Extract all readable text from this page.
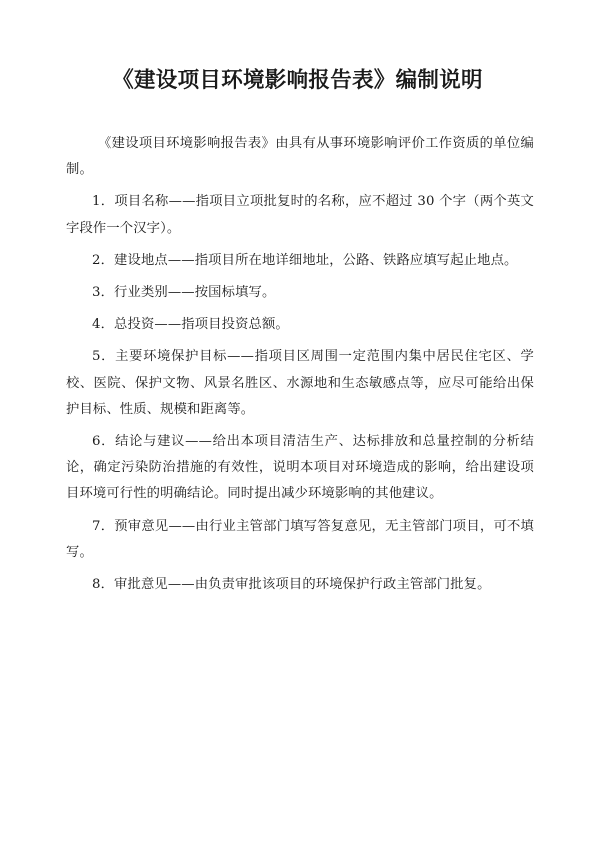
《建设项目环境影响报告表》编制说明

《建设项目环境影响报告表》由具有从事环境影响评价工作资质的单位编制。

1．项目名称——指项目立项批复时的名称，应不超过 30 个字（两个英文字段作一个汉字）。

2．建设地点——指项目所在地详细地址，公路、铁路应填写起止地点。

3．行业类别——按国标填写。

4．总投资——指项目投资总额。

5．主要环境保护目标——指项目区周围一定范围内集中居民住宅区、学校、医院、保护文物、风景名胜区、水源地和生态敏感点等，应尽可能给出保护目标、性质、规模和距离等。

6．结论与建议——给出本项目清洁生产、达标排放和总量控制的分析结论，确定污染防治措施的有效性，说明本项目对环境造成的影响，给出建设项目环境可行性的明确结论。同时提出减少环境影响的其他建议。

7．预审意见——由行业主管部门填写答复意见，无主管部门项目，可不填写。

8．审批意见——由负责审批该项目的环境保护行政主管部门批复。
